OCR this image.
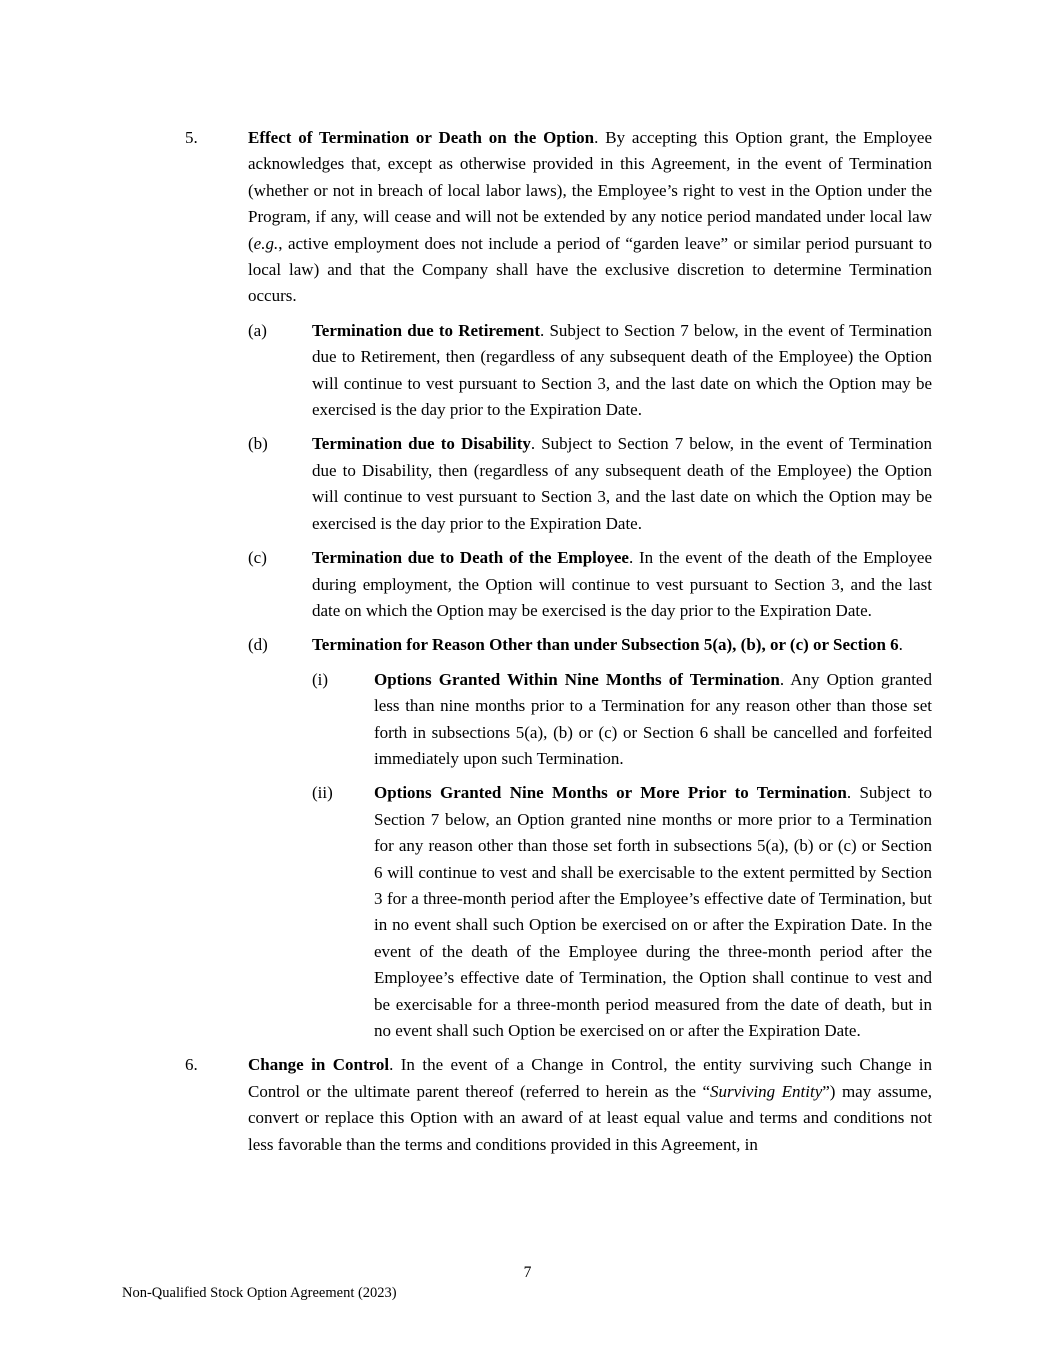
5.	Effect of Termination or Death on the Option. By accepting this Option grant, the Employee acknowledges that, except as otherwise provided in this Agreement, in the event of Termination (whether or not in breach of local labor laws), the Employee’s right to vest in the Option under the Program, if any, will cease and will not be extended by any notice period mandated under local law (e.g., active employment does not include a period of “garden leave” or similar period pursuant to local law) and that the Company shall have the exclusive discretion to determine Termination occurs.
(a)	Termination due to Retirement. Subject to Section 7 below, in the event of Termination due to Retirement, then (regardless of any subsequent death of the Employee) the Option will continue to vest pursuant to Section 3, and the last date on which the Option may be exercised is the day prior to the Expiration Date.
(b)	Termination due to Disability. Subject to Section 7 below, in the event of Termination due to Disability, then (regardless of any subsequent death of the Employee) the Option will continue to vest pursuant to Section 3, and the last date on which the Option may be exercised is the day prior to the Expiration Date.
(c)	Termination due to Death of the Employee. In the event of the death of the Employee during employment, the Option will continue to vest pursuant to Section 3, and the last date on which the Option may be exercised is the day prior to the Expiration Date.
(d)	Termination for Reason Other than under Subsection 5(a), (b), or (c) or Section 6.
(i)	Options Granted Within Nine Months of Termination. Any Option granted less than nine months prior to a Termination for any reason other than those set forth in subsections 5(a), (b) or (c) or Section 6 shall be cancelled and forfeited immediately upon such Termination.
(ii) Options Granted Nine Months or More Prior to Termination. Subject to Section 7 below, an Option granted nine months or more prior to a Termination for any reason other than those set forth in subsections 5(a), (b) or (c) or Section 6 will continue to vest and shall be exercisable to the extent permitted by Section 3 for a three-month period after the Employee’s effective date of Termination, but in no event shall such Option be exercised on or after the Expiration Date. In the event of the death of the Employee during the three-month period after the Employee’s effective date of Termination, the Option shall continue to vest and be exercisable for a three-month period measured from the date of death, but in no event shall such Option be exercised on or after the Expiration Date.
6.	Change in Control. In the event of a Change in Control, the entity surviving such Change in Control or the ultimate parent thereof (referred to herein as the “Surviving Entity”) may assume, convert or replace this Option with an award of at least equal value and terms and conditions not less favorable than the terms and conditions provided in this Agreement, in
7
Non-Qualified Stock Option Agreement (2023)
